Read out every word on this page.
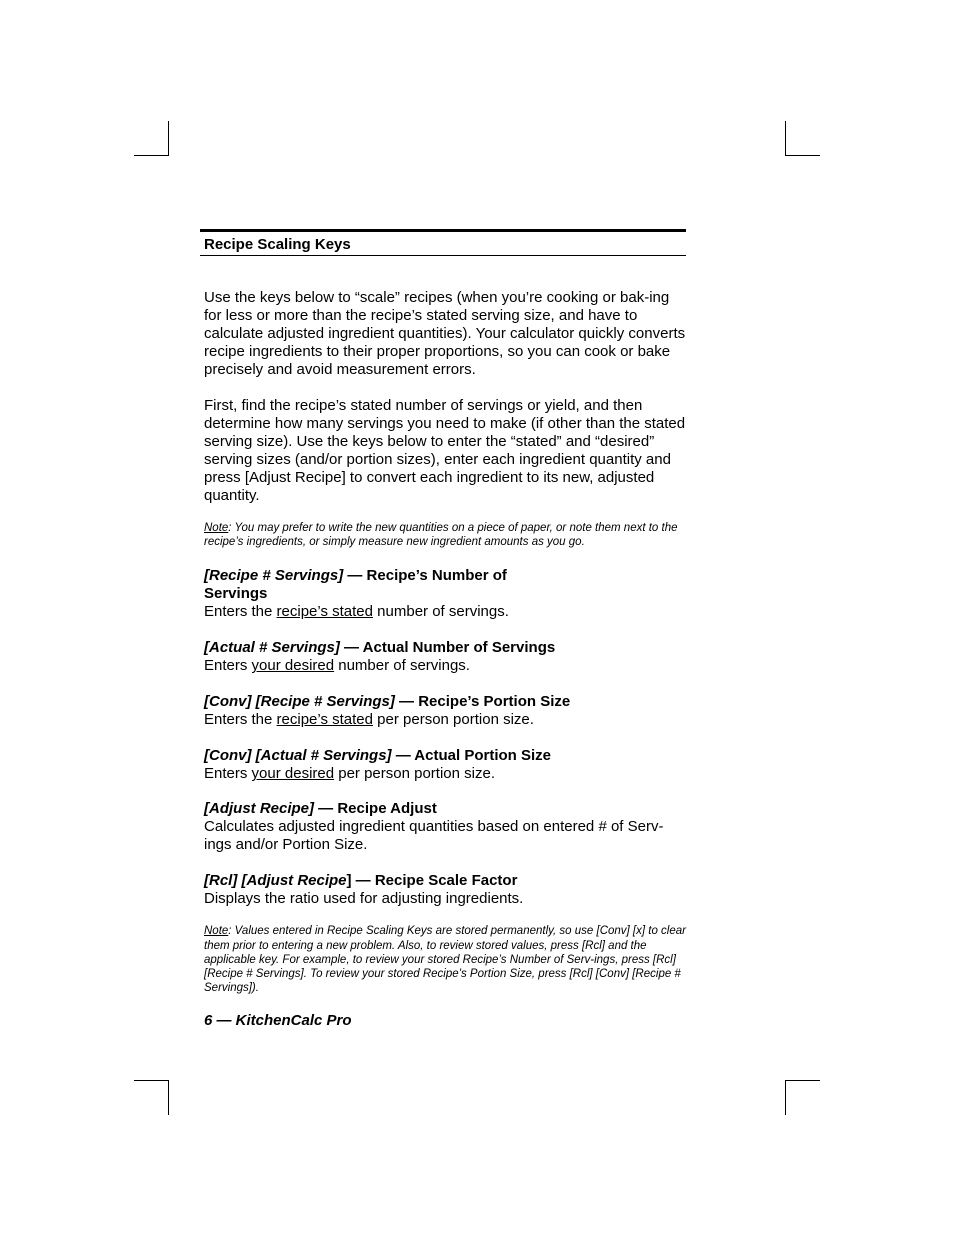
Recipe Scaling Keys

Use the keys below to “scale” recipes (when you’re cooking or bak-ing for less or more than the recipe’s stated serving size, and have to calculate adjusted ingredient quantities). Your calculator quickly converts recipe ingredients to their proper proportions, so you can cook or bake precisely and avoid measurement errors.

First, find the recipe’s stated number of servings or yield, and then determine how many servings you need to make (if other than the stated serving size). Use the keys below to enter the “stated” and “desired” serving sizes (and/or portion sizes), enter each ingredient quantity and press [Adjust Recipe] to convert each ingredient to its new, adjusted quantity.

Note: You may prefer to write the new quantities on a piece of paper, or note them next to the recipe’s ingredients, or simply measure new ingredient amounts as you go.

[Recipe # Servings] — Recipe’s Number of Servings

Enters the recipe’s stated number of servings.

[Actual # Servings] — Actual Number of Servings

Enters your desired number of servings.

[Conv] [Recipe # Servings] — Recipe’s Portion Size

Enters the recipe’s stated per person portion size.

[Conv] [Actual # Servings] — Actual Portion Size

Enters your desired per person portion size.

[Adjust Recipe] — Recipe Adjust

Calculates adjusted ingredient quantities based on entered # of Serv-ings and/or Portion Size.

[Rcl] [Adjust Recipe] — Recipe Scale Factor

Displays the ratio used for adjusting ingredients.

Note: Values entered in Recipe Scaling Keys are stored permanently, so use [Conv] [x] to clear them prior to entering a new problem. Also, to review stored values, press [Rcl] and the applicable key. For example, to review your stored Recipe’s Number of Serv-ings, press [Rcl] [Recipe # Servings]. To review your stored Recipe’s Portion Size, press [Rcl] [Conv] [Recipe # Servings]).

6 — KitchenCalc Pro
